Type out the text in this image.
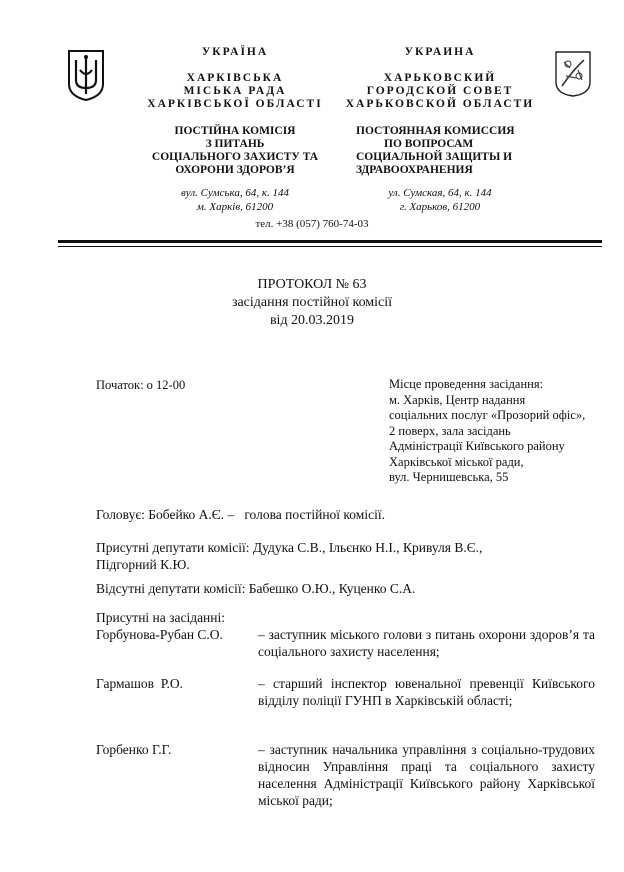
УКРАЇНА
ХАРКІВСЬКА
МІСЬКА РАДА
ХАРКІВСЬКОЇ ОБЛАСТІ
ПОСТІЙНА КОМІСІЯ
З ПИТАНЬ
СОЦІАЛЬНОГО ЗАХИСТУ ТА
ОХОРОНИ ЗДОРОВ’Я
вул. Сумська, 64, к. 144
м. Харків, 61200
УКРАИНА
ХАРЬКОВСКИЙ
ГОРОДСКОЙ СОВЕТ
ХАРЬКОВСКОЙ ОБЛАСТИ
ПОСТОЯННАЯ КОМИССИЯ
ПО ВОПРОСАМ
СОЦИАЛЬНОЙ ЗАЩИТЫ И
ЗДРАВООХРАНЕНИЯ
ул. Сумская, 64, к. 144
г. Харьков, 61200
тел. +38 (057) 760-74-03
ПРОТОКОЛ № 63
засідання постійної комісії
від 20.03.2019
Початок: о 12-00	Місце проведення засідання:
м. Харків, Центр надання
соціальних послуг «Прозорий офіс»,
2 поверх, зала засідань
Адміністрації Київського району
Харківської міської ради,
вул. Чернишевська, 55
Головує: Бобейко А.Є. –   голова постійної комісії.
Присутні депутати комісії: Дудука С.В., Ільєнко Н.І., Кривуля В.Є.,
Підгорний К.Ю.
Відсутні депутати комісії: Бабешко О.Ю., Куценко С.А.
Присутні на засіданні:
Горбунова-Рубан С.О.	– заступник міського голови з питань охорони здоров’я та соціального захисту населення;
Гармашов  Р.О.	– старший інспектор ювенальної превенції Київського відділу поліції ГУНП в Харківській області;
Горбенко Г.Г.	– заступник начальника управління з соціально-трудових відносин Управління праці та соціального захисту населення Адміністрації Київського району Харківської міської ради;
